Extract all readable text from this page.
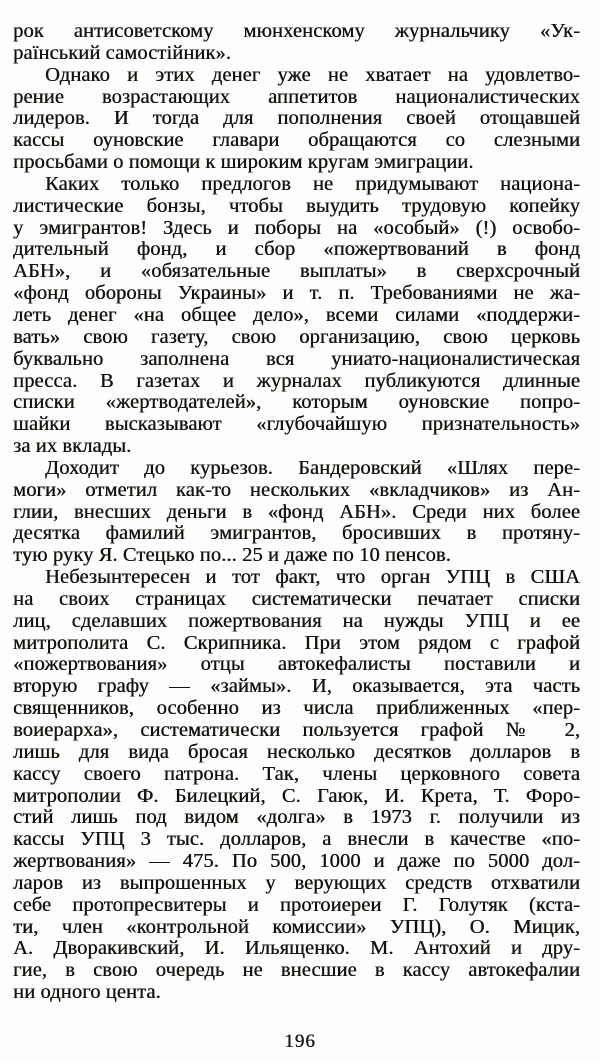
рок антисоветскому мюнхенскому журнальчику «Ук-
раїнський самостійник».
Однако и этих денег уже не хватает на удовлетво-
рение возрастающих аппетитов националистических
лидеров. И тогда для пополнения своей отощавшей
кассы оуновские главари обращаются со слезными
просьбами о помощи к широким кругам эмиграции.
Каких только предлогов не придумывают национа-
листические бонзы, чтобы выудить трудовую копейку
у эмигрантов! Здесь и поборы на «особый» (!) освобо-
дительный фонд, и сбор «пожертвований в фонд
АБН», и «обязательные выплаты» в сверхсрочный
«фонд обороны Украины» и т. п. Требованиями не жа-
леть денег «на общее дело», всеми силами «поддержи-
вать» свою газету, свою организацию, свою церковь
буквально заполнена вся униато-националистическая
пресса. В газетах и журналах публикуются длинные
списки «жертводателей», которым оуновские попро-
шайки высказывают «глубочайшую признательность»
за их вклады.
Доходит до курьезов. Бандеровский «Шлях пере-
моги» отметил как-то нескольких «вкладчиков» из Ан-
глии, внесших деньги в «фонд АБН». Среди них более
десятка фамилий эмигрантов, бросивших в протяну-
тую руку Я. Стецько по... 25 и даже по 10 пенсов.
Небезынтересен и тот факт, что орган УПЦ в США
на своих страницах систематически печатает списки
лиц, сделавших пожертвования на нужды УПЦ и ее
митрополита С. Скрипника. При этом рядом с графой
«пожертвования» отцы автокефалисты поставили и
вторую графу — «займы». И, оказывается, эта часть
священников, особенно из числа приближенных «пер-
воиерарха», систематически пользуется графой № 2,
лишь для вида бросая несколько десятков долларов в
кассу своего патрона. Так, члены церковного совета
митрополии Ф. Билецкий, С. Гаюк, И. Крета, Т. Форо-
стий лишь под видом «долга» в 1973 г. получили из
кассы УПЦ 3 тыс. долларов, а внесли в качестве «по-
жертвования» — 475. По 500, 1000 и даже по 5000 дол-
ларов из выпрошенных у верующих средств отхватили
себе протопресвитеры и протоиереи Г. Голутяк (кста-
ти, член «контрольной комиссии» УПЦ), О. Мицик,
А. Дворакивский, И. Ильященко. М. Антохий и дру-
гие, в свою очередь не внесшие в кассу автокефалии
ни одного цента.
196
